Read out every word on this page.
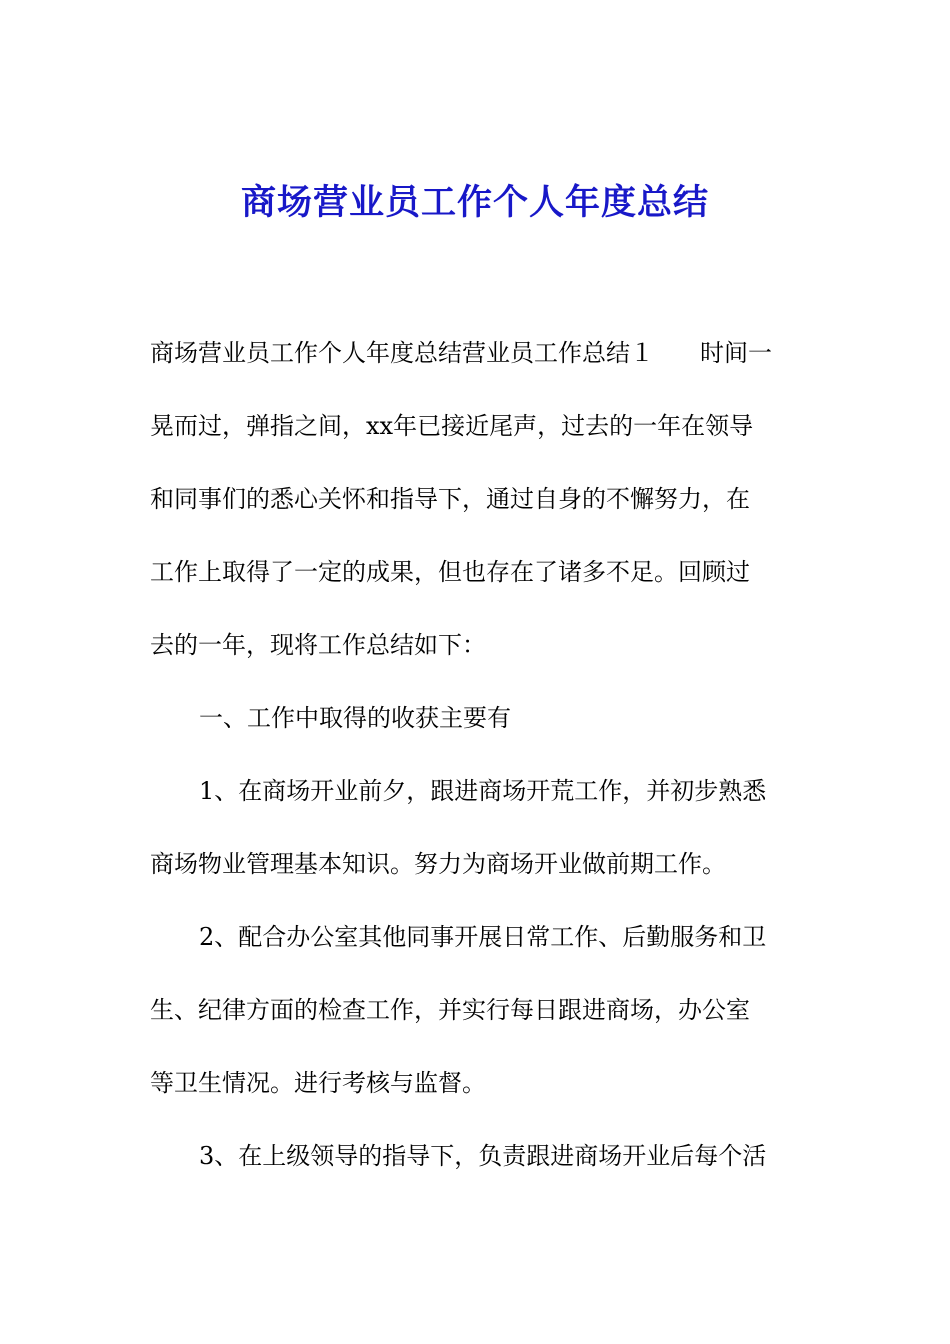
商场营业员工作个人年度总结
商场营业员工作个人年度总结营业员工作总结１ 时间一
晃而过，弹指之间，xx年已接近尾声，过去的一年在领导
和同事们的悉心关怀和指导下，通过自身的不懈努力，在
工作上取得了一定的成果，但也存在了诸多不足。回顾过
去的一年，现将工作总结如下：
一、工作中取得的收获主要有
1、在商场开业前夕，跟进商场开荒工作，并初步熟悉
商场物业管理基本知识。努力为商场开业做前期工作。
2、配合办公室其他同事开展日常工作、后勤服务和卫
生、纪律方面的检查工作，并实行每日跟进商场，办公室
等卫生情况。进行考核与监督。
3、在上级领导的指导下，负责跟进商场开业后每个活
